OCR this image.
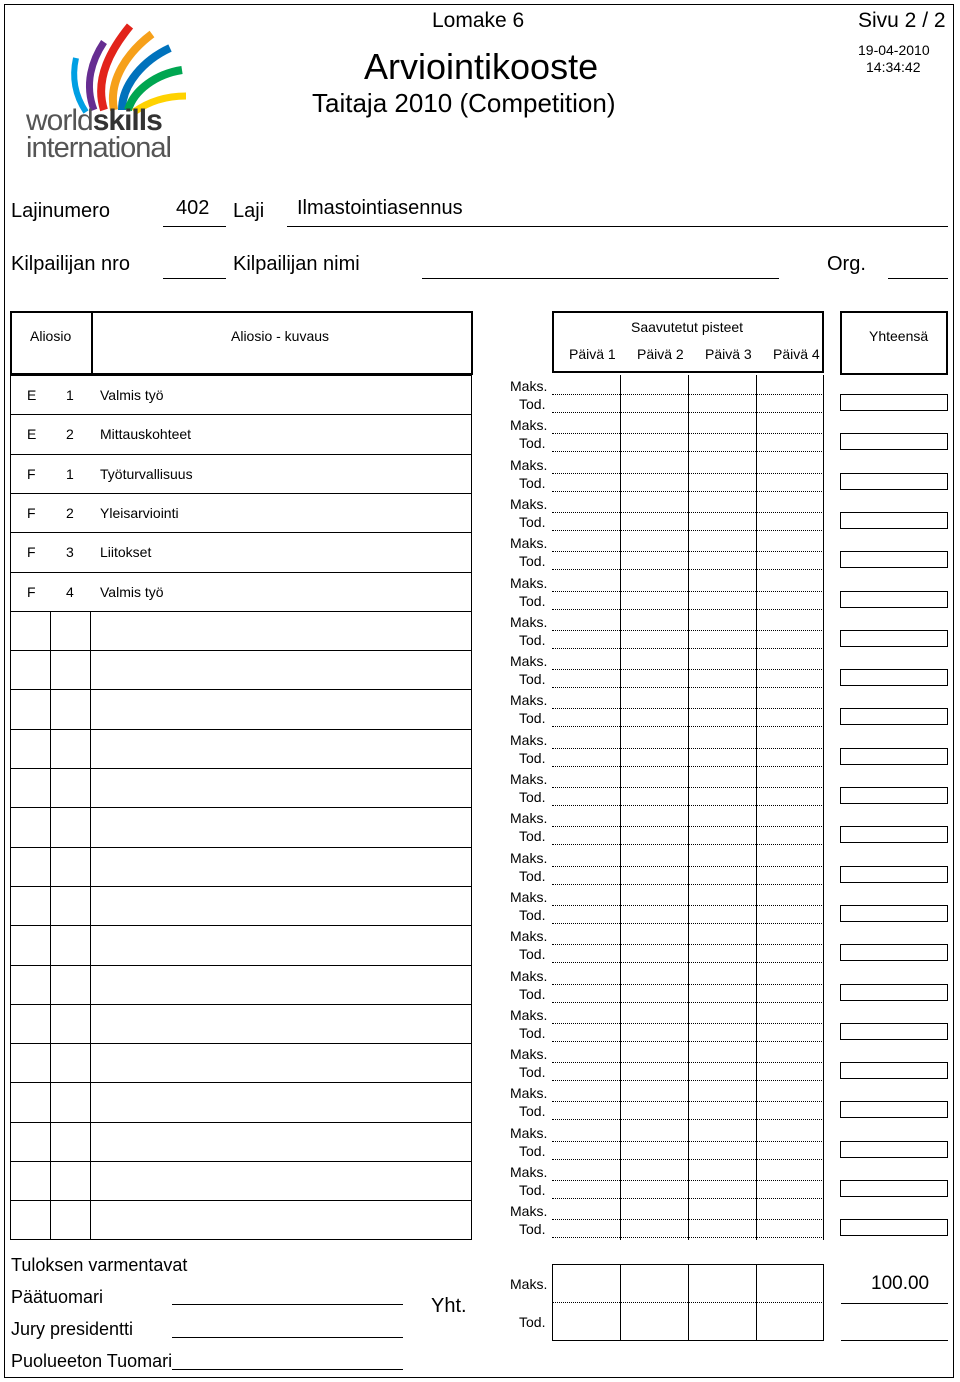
Lomake 6	Sivu 2 / 2
19-04-2010
14:34:42
Arviointikooste
Taitaja 2010 (Competition)
worldskills
international
Lajinumero	402 Laji Ilmastointiasennus
Kilpailijan nro	Kilpailijan nimi	Org.
Aliosio	Aliosio - kuvaus
Saavutetut pisteet
Päivä 1 Päivä 2 Päivä 3 Päivä 4
Yhteensä
E 1 Valmis työ
Maks.
Tod.
E 2 Mittauskohteet
Maks.
Tod.
F 1 Työturvallisuus
Maks.
Tod.
F 2 Yleisarviointi
Maks.
Tod.
F 3 Liitokset
Maks.
Tod.
F 4 Valmis työ
Maks.
Tod.
Maks.
Tod.
Maks.
Tod.
Maks.
Tod.
Maks.
Tod.
Maks.
Tod.
Maks.
Tod.
Maks.
Tod.
Maks.
Tod.
Maks.
Tod.
Maks.
Tod.
Maks.
Tod.
Maks.
Tod.
Maks.
Tod.
Maks.
Tod.
Maks.
Tod.
Maks.
Tod.
Tuloksen varmentavat
Päätuomari
Jury presidentti
Puolueeton Tuomari
Yht.
Maks.
Tod.
100.00
